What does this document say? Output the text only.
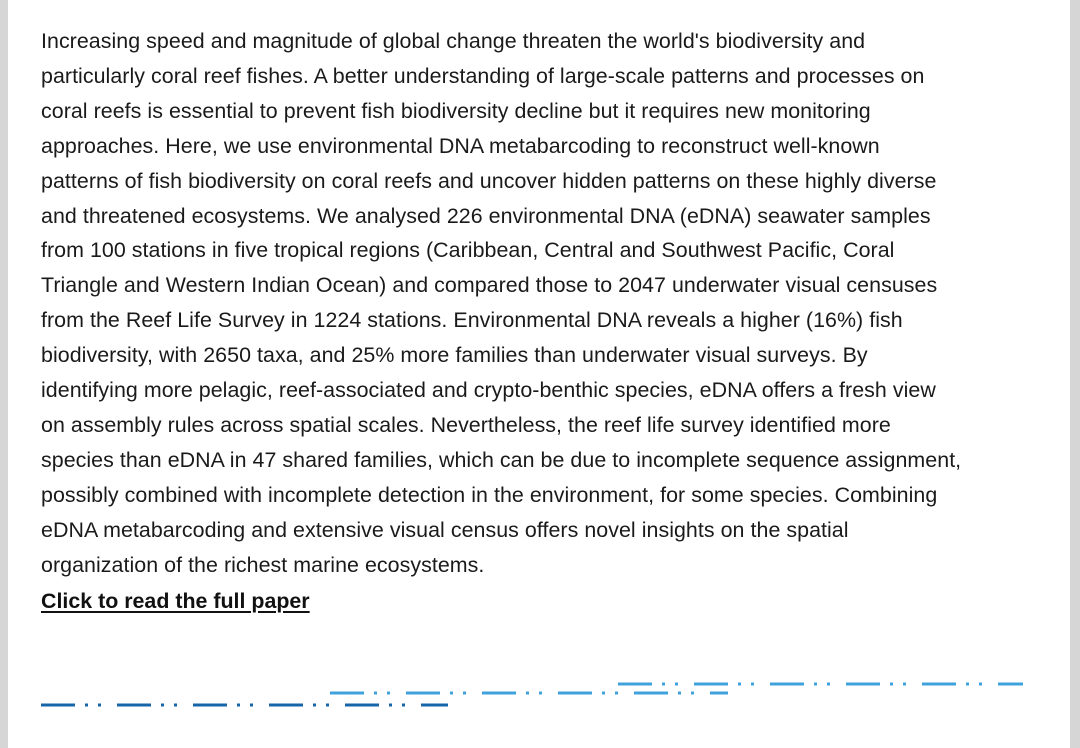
Increasing speed and magnitude of global change threaten the world's biodiversity and
particularly coral reef fishes. A better understanding of large-scale patterns and processes on
coral reefs is essential to prevent fish biodiversity decline but it requires new monitoring
approaches. Here, we use environmental DNA metabarcoding to reconstruct well-known
patterns of fish biodiversity on coral reefs and uncover hidden patterns on these highly diverse
and threatened ecosystems. We analysed 226 environmental DNA (eDNA) seawater samples
from 100 stations in five tropical regions (Caribbean, Central and Southwest Pacific, Coral
Triangle and Western Indian Ocean) and compared those to 2047 underwater visual censuses
from the Reef Life Survey in 1224 stations. Environmental DNA reveals a higher (16%) fish
biodiversity, with 2650 taxa, and 25% more families than underwater visual surveys. By
identifying more pelagic, reef-associated and crypto-benthic species, eDNA offers a fresh view
on assembly rules across spatial scales. Nevertheless, the reef life survey identified more
species than eDNA in 47 shared families, which can be due to incomplete sequence assignment,
possibly combined with incomplete detection in the environment, for some species. Combining
eDNA metabarcoding and extensive visual census offers novel insights on the spatial
organization of the richest marine ecosystems.

Click to read the full paper
